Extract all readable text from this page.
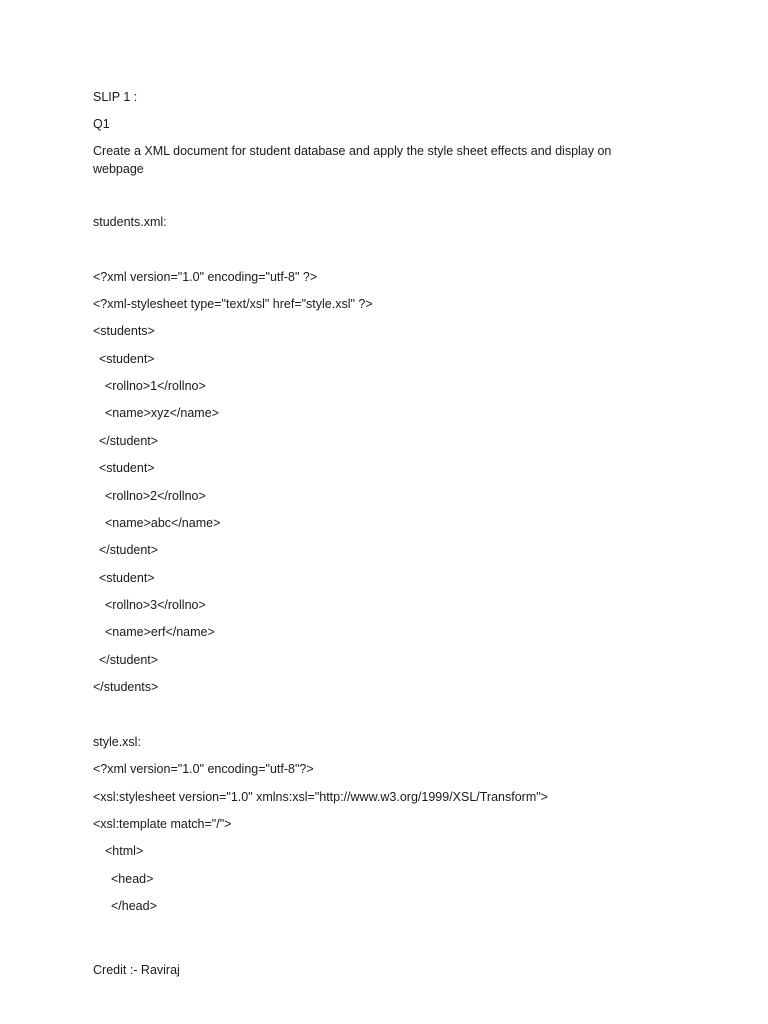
SLIP 1 :
Q1
Create a XML document for student database and apply the style sheet effects and display on webpage
students.xml:
<?xml version="1.0" encoding="utf-8" ?>
<?xml-stylesheet type="text/xsl" href="style.xsl" ?>
<students>
<student>
<rollno>1</rollno>
<name>xyz</name>
</student>
<student>
<rollno>2</rollno>
<name>abc</name>
</student>
<student>
<rollno>3</rollno>
<name>erf</name>
</student>
</students>
style.xsl:
<?xml version="1.0" encoding="utf-8"?>
<xsl:stylesheet version="1.0" xmlns:xsl="http://www.w3.org/1999/XSL/Transform">
<xsl:template match="/">
<html>
<head>
</head>
Credit :- Raviraj
